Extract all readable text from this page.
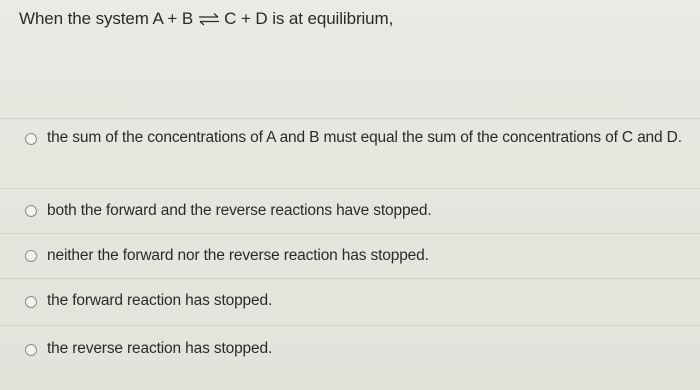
When the system A + B ⇌ C + D is at equilibrium,
the sum of the concentrations of A and B must equal the sum of the concentrations of C and D.
both the forward and the reverse reactions have stopped.
neither the forward nor the reverse reaction has stopped.
the forward reaction has stopped.
the reverse reaction has stopped.
